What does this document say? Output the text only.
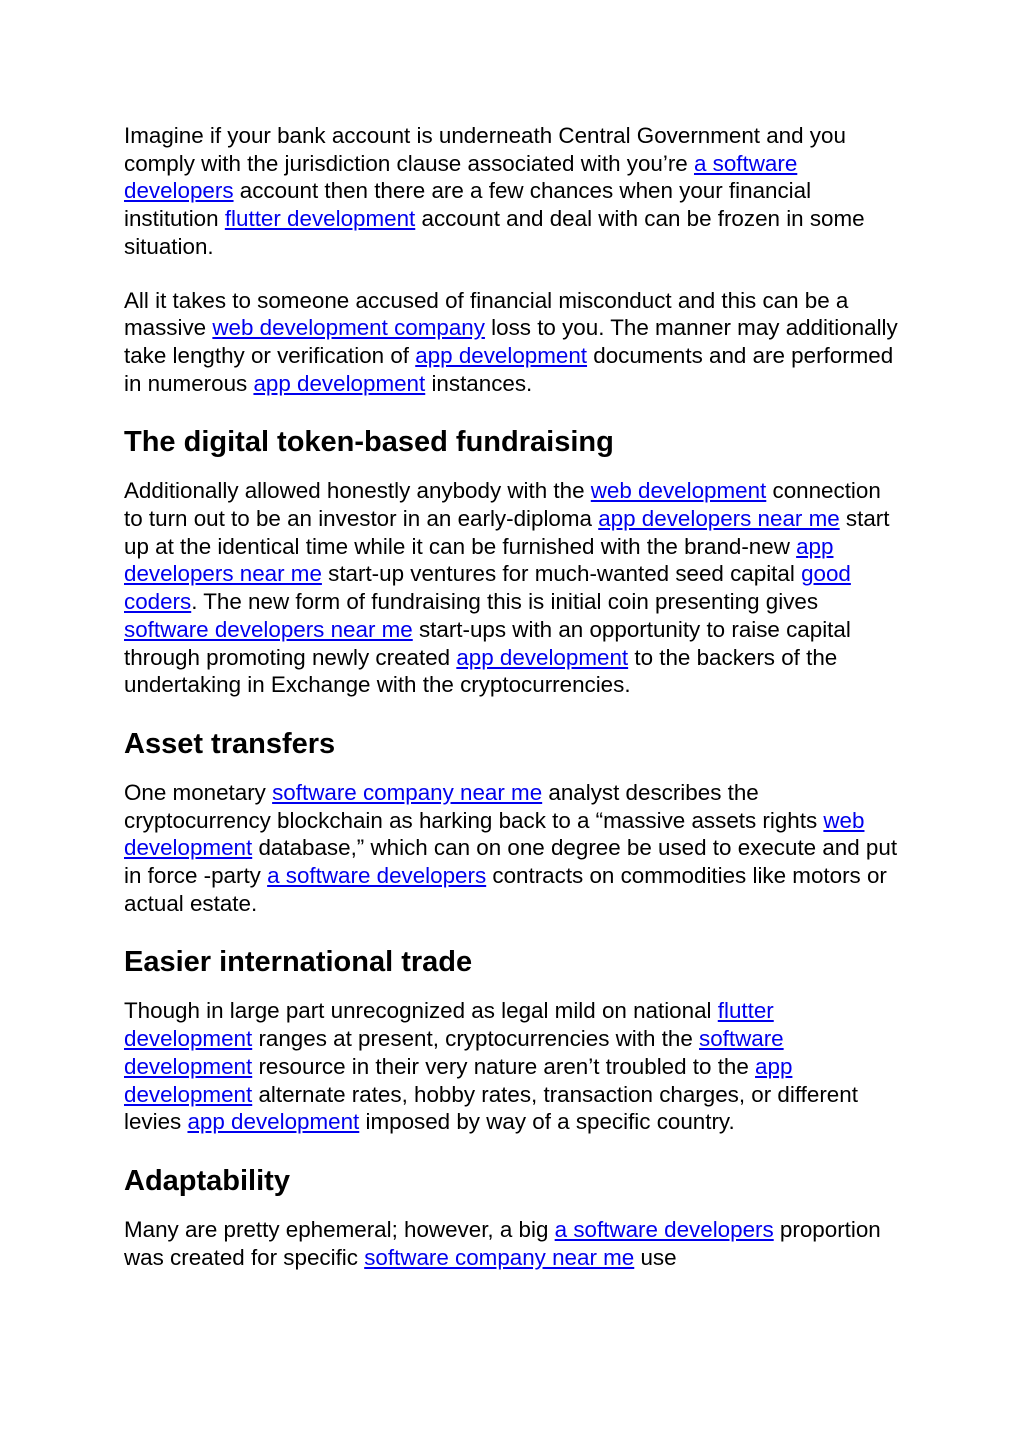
Imagine if your bank account is underneath Central Government and you comply with the jurisdiction clause associated with you’re a software developers account then there are a few chances when your financial institution flutter development account and deal with can be frozen in some situation.

All it takes to someone accused of financial misconduct and this can be a massive web development company loss to you. The manner may additionally take lengthy or verification of app development documents and are performed in numerous app development instances.

The digital token-based fundraising

Additionally allowed honestly anybody with the web development connection to turn out to be an investor in an early-diploma app developers near me start up at the identical time while it can be furnished with the brand-new app developers near me start-up ventures for much-wanted seed capital good coders. The new form of fundraising this is initial coin presenting gives software developers near me start-ups with an opportunity to raise capital through promoting newly created app development to the backers of the undertaking in Exchange with the cryptocurrencies.

Asset transfers

One monetary software company near me analyst describes the cryptocurrency blockchain as harking back to a “massive assets rights web development database,” which can on one degree be used to execute and put in force -party a software developers contracts on commodities like motors or actual estate.

Easier international trade

Though in large part unrecognized as legal mild on national flutter development ranges at present, cryptocurrencies with the software development resource in their very nature aren’t troubled to the app development alternate rates, hobby rates, transaction charges, or different levies app development imposed by way of a specific country.

Adaptability

Many are pretty ephemeral; however, a big a software developers proportion was created for specific software company near me use
